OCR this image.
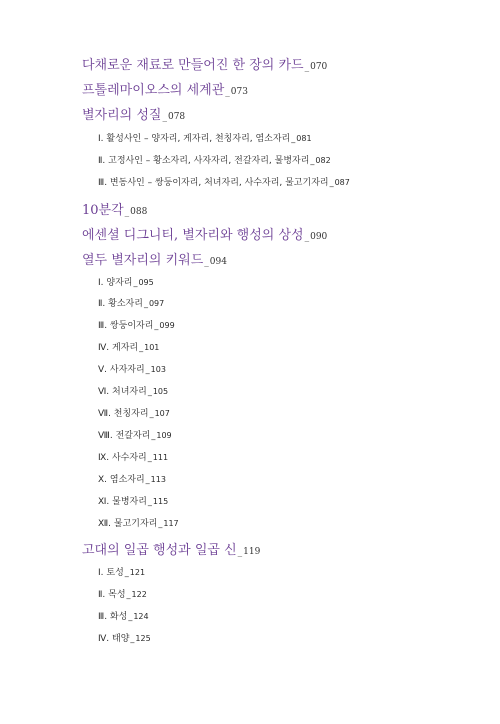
다채로운 재료로 만들어진 한 장의 카드_070
프톨레마이오스의 세계관_073
별자리의 성질_078
Ⅰ. 활성사인 – 양자리, 게자리, 천칭자리, 염소자리_081
Ⅱ. 고정사인 – 황소자리, 사자자리, 전갈자리, 물병자리_082
Ⅲ. 변동사인 – 쌍둥이자리, 처녀자리, 사수자리, 물고기자리_087
10분각_088
에센셜 디그니티, 별자리와 행성의 상성_090
열두 별자리의 키워드_094
Ⅰ. 양자리_095
Ⅱ. 황소자리_097
Ⅲ. 쌍둥이자리_099
Ⅳ. 게자리_101
Ⅴ. 사자자리_103
Ⅵ. 처녀자리_105
Ⅶ. 천칭자리_107
Ⅷ. 전갈자리_109
Ⅸ. 사수자리_111
Ⅹ. 염소자리_113
Ⅺ. 물병자리_115
Ⅻ. 물고기자리_117
고대의 일곱 행성과 일곱 신_119
Ⅰ. 토성_121
Ⅱ. 목성_122
Ⅲ. 화성_124
Ⅳ. 태양_125
